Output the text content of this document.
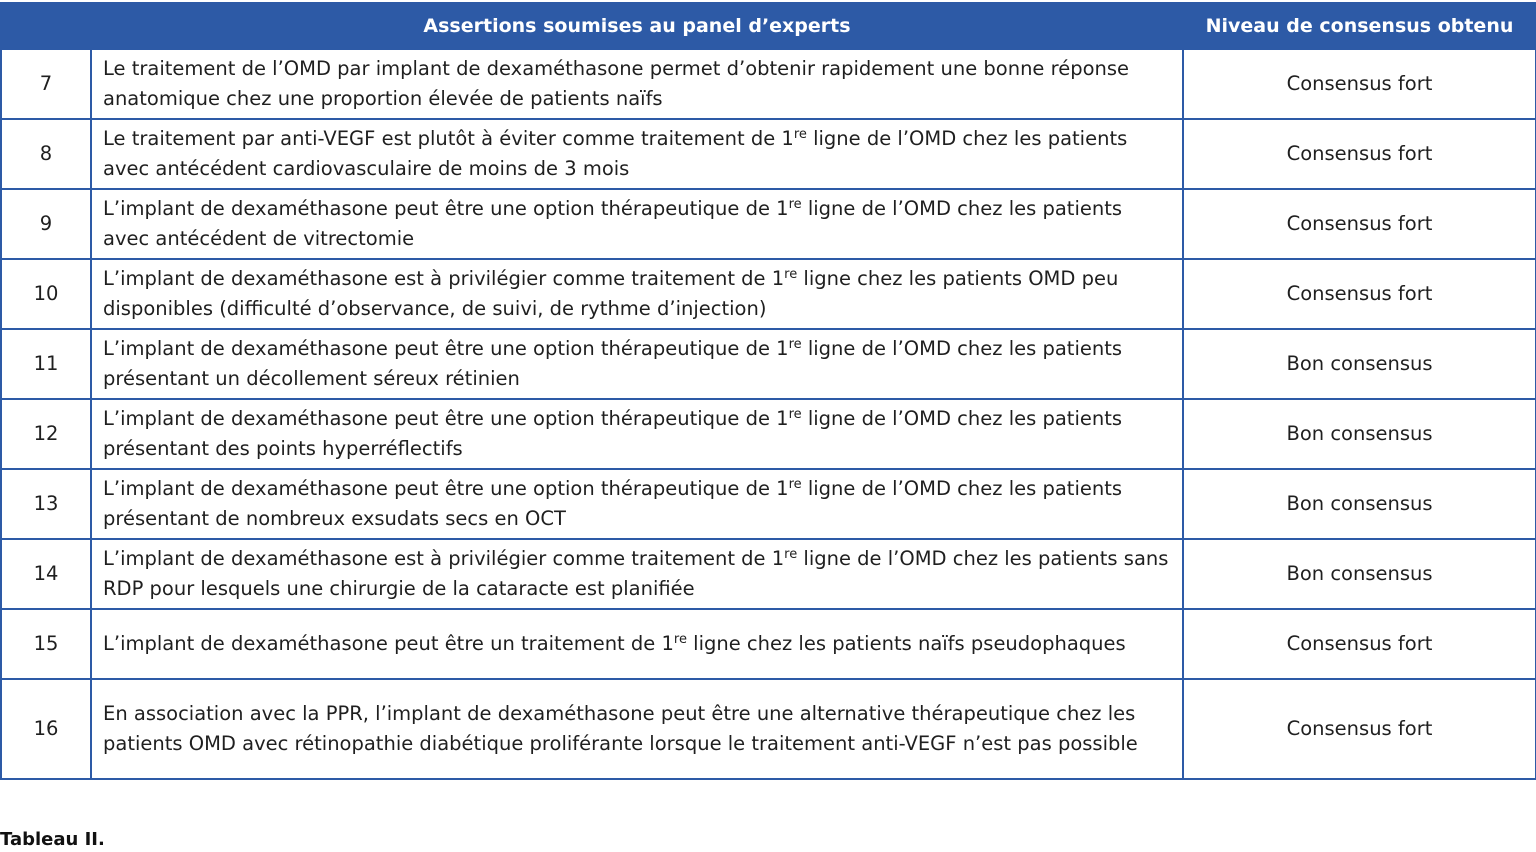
	Assertions soumises au panel d’experts	Niveau de consensus obtenu
7	Le traitement de l’OMD par implant de dexaméthasone permet d’obtenir rapidement une bonne réponse anatomique chez une proportion élevée de patients naïfs	Consensus fort
8	Le traitement par anti-VEGF est plutôt à éviter comme traitement de 1re ligne de l’OMD chez les patients avec antécédent cardiovasculaire de moins de 3 mois	Consensus fort
9	L’implant de dexaméthasone peut être une option thérapeutique de 1re ligne de l’OMD chez les patients avec antécédent de vitrectomie	Consensus fort
10	L’implant de dexaméthasone est à privilégier comme traitement de 1re ligne chez les patients OMD peu disponibles (difficulté d’observance, de suivi, de rythme d’injection)	Consensus fort
11	L’implant de dexaméthasone peut être une option thérapeutique de 1re ligne de l’OMD chez les patients présentant un décollement séreux rétinien	Bon consensus
12	L’implant de dexaméthasone peut être une option thérapeutique de 1re ligne de l’OMD chez les patients présentant des points hyperréflectifs	Bon consensus
13	L’implant de dexaméthasone peut être une option thérapeutique de 1re ligne de l’OMD chez les patients présentant de nombreux exsudats secs en OCT	Bon consensus
14	L’implant de dexaméthasone est à privilégier comme traitement de 1re ligne de l’OMD chez les patients sans RDP pour lesquels une chirurgie de la cataracte est planifiée	Bon consensus
15	L’implant de dexaméthasone peut être un traitement de 1re ligne chez les patients naïfs pseudophaques	Consensus fort
16	En association avec la PPR, l’implant de dexaméthasone peut être une alternative thérapeutique chez les patients OMD avec rétinopathie diabétique proliférante lorsque le traitement anti-VEGF n’est pas possible	Consensus fort
Tableau II.
